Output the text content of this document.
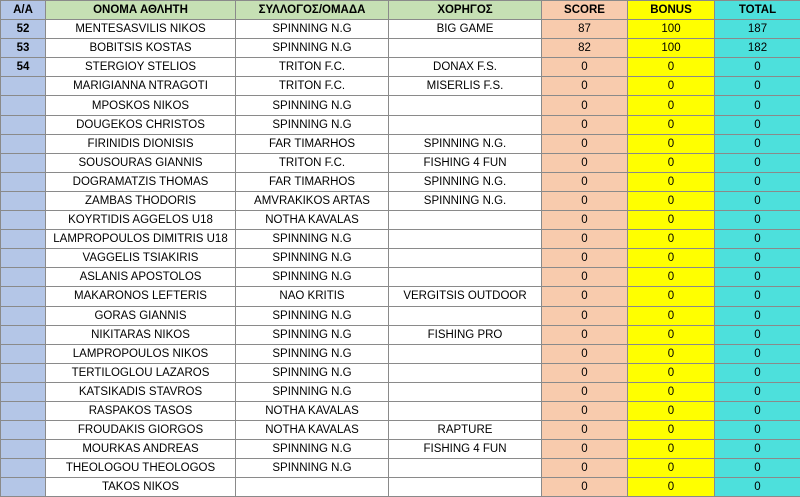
Α/Α	ΟΝΟΜΑ ΑΘΛΗΤΗ	ΣΥΛΛΟΓΟΣ/ΟΜΑΔΑ	ΧΟΡΗΓΟΣ	SCORE	BONUS	TOTAL
52	MENTESASVILIS NIKOS	SPINNING N.G	BIG GAME	87	100	187
53	BOBITSIS KOSTAS	SPINNING N.G		82	100	182
54	STERGIOY STELIOS	TRITON F.C.	DONAX F.S.	0	0	0
	MARIGIANNA NTRAGOTI	TRITON F.C.	MISERLIS F.S.	0	0	0
	MPOSKOS NIKOS	SPINNING N.G		0	0	0
	DOUGEKOS CHRISTOS	SPINNING N.G		0	0	0
	FIRINIDIS DIONISIS	FAR TIMARHOS	SPINNING N.G.	0	0	0
	SOUSOURAS GIANNIS	TRITON F.C.	FISHING 4 FUN	0	0	0
	DOGRAMATZIS THOMAS	FAR TIMARHOS	SPINNING N.G.	0	0	0
	ZAMBAS THODORIS	AMVRAKIKOS ARTAS	SPINNING N.G.	0	0	0
	KOYRTIDIS AGGELOS U18	NOTHA KAVALAS		0	0	0
	LAMPROPOULOS DIMITRIS U18	SPINNING N.G		0	0	0
	VAGGELIS TSIAKIRIS	SPINNING N.G		0	0	0
	ASLANIS APOSTOLOS	SPINNING N.G		0	0	0
	MAKARONOS LEFTERIS	NAO KRITIS	VERGITSIS OUTDOOR	0	0	0
	GORAS GIANNIS	SPINNING N.G		0	0	0
	NIKITARAS NIKOS	SPINNING N.G	FISHING PRO	0	0	0
	LAMPROPOULOS NIKOS	SPINNING N.G		0	0	0
	TERTILOGLOU LAZAROS	SPINNING N.G		0	0	0
	KATSIKADIS STAVROS	SPINNING N.G		0	0	0
	RASPAKOS TASOS	NOTHA KAVALAS		0	0	0
	FROUDAKIS GIORGOS	NOTHA KAVALAS	RAPTURE	0	0	0
	MOURKAS ANDREAS	SPINNING N.G	FISHING 4 FUN	0	0	0
	THEOLOGOU THEOLOGOS	SPINNING N.G		0	0	0
	TAKOS NIKOS			0	0	0
